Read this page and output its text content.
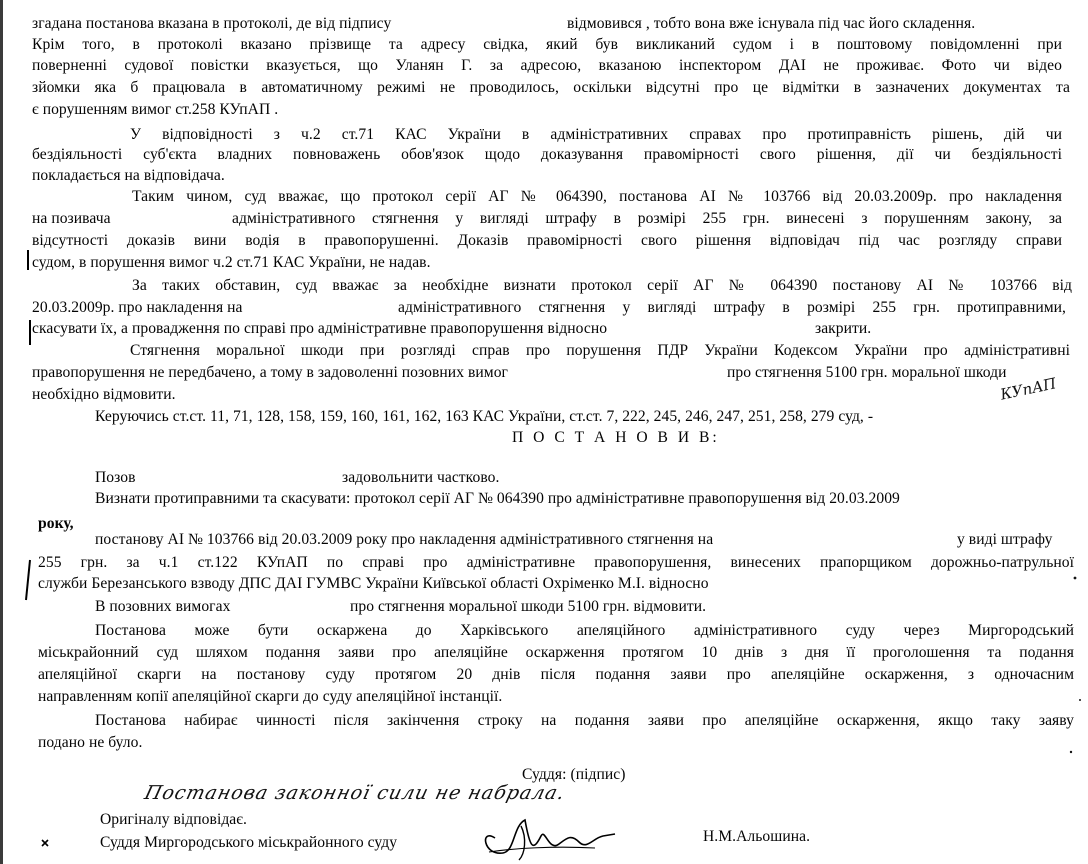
згадана постанова вказана в протоколі, де від підпису	відмовився , тобто вона вже існувала під час його складення.
Крім того, в протоколі вказано прізвище та адресу свідка, який був викликаний судом і в поштовому повідомленні при
поверненні судової повістки вказується, що Уланян Г. за адресою, вказаною інспектором ДАІ не проживає. Фото чи відео
зйомки яка б працювала в автоматичному режимі не проводилось, оскільки відсутні про це відмітки в зазначених документах та
є порушенням вимог ст.258 КУпАП .
У відповідності з ч.2 ст.71 КАС України в адміністративних справах про протиправність рішень, дій чи
бездіяльності суб'єкта владних повноважень обов'язок щодо доказування правомірності свого рішення, дії чи бездіяльності
покладається на відповідача.
Таким чином, суд вважає, що протокол серії АГ № 064390, постанова АІ № 103766 від 20.03.2009р. про накладення
на позивача	адміністративного стягнення у вигляді штрафу в розмірі 255 грн. винесені з порушенням закону, за
відсутності доказів вини водія в правопорушенні. Доказів правомірності свого рішення відповідач під час розгляду справи
судом, в порушення вимог ч.2 ст.71 КАС України, не надав.
За таких обставин, суд вважає за необхідне визнати протокол серії АГ № 064390 постанову АІ № 103766 від
20.03.2009р. про накладення на	адміністративного стягнення у вигляді штрафу в розмірі 255 грн. протиправними,
скасувати їх, а провадження по справі про адміністративне правопорушення відносно	закрити.
Стягнення моральної шкоди при розгляді справ про порушення ПДР України Кодексом України про адміністративні
правопорушення не передбачено, а тому в задоволенні позовних вимог	про стягнення 5100 грн. моральної шкоди
необхідно відмовити.
Керуючись ст.ст. 11, 71, 128, 158, 159, 160, 161, 162, 163 КАС України, ст.ст. 7, 222, 245, 246, 247, 251, 258, 279 суд, -
П О С Т А Н О В И В:
Позов	задовольнити частково.
Визнати протиправними та скасувати: протокол серії АГ № 064390 про адміністративне правопорушення від 20.03.2009
року,
постанову АІ № 103766 від 20.03.2009 року про накладення адміністративного стягнення на	у виді штрафу
255 грн. за ч.1 ст.122 КУпАП по справі про адміністративне правопорушення, винесених прапорщиком дорожньо-патрульної
служби Березанського взводу ДПС ДАІ ГУМВС України Київської області Охріменко М.І. відносно
В позовних вимогах	про стягнення моральної шкоди 5100 грн. відмовити.
Постанова може бути оскаржена до Харківського апеляційного адміністративного суду через Миргородський
міськрайонний суд шляхом подання заяви про апеляційне оскарження протягом 10 днів з дня її проголошення та подання
апеляційної скарги на постанову суду протягом 20 днів після подання заяви про апеляційне оскарження, з одночасним
направленням копії апеляційної скарги до суду апеляційної інстанції.
Постанова набирає чинності після закінчення строку на подання заяви про апеляційне оскарження, якщо таку заяву
подано не було.
Суддя: (підпис)
Постанова законної сили не набрала.
Оригіналу відповідає.
Суддя Миргородського міськрайонного суду	Н.М.Альошина.
КУпАП
